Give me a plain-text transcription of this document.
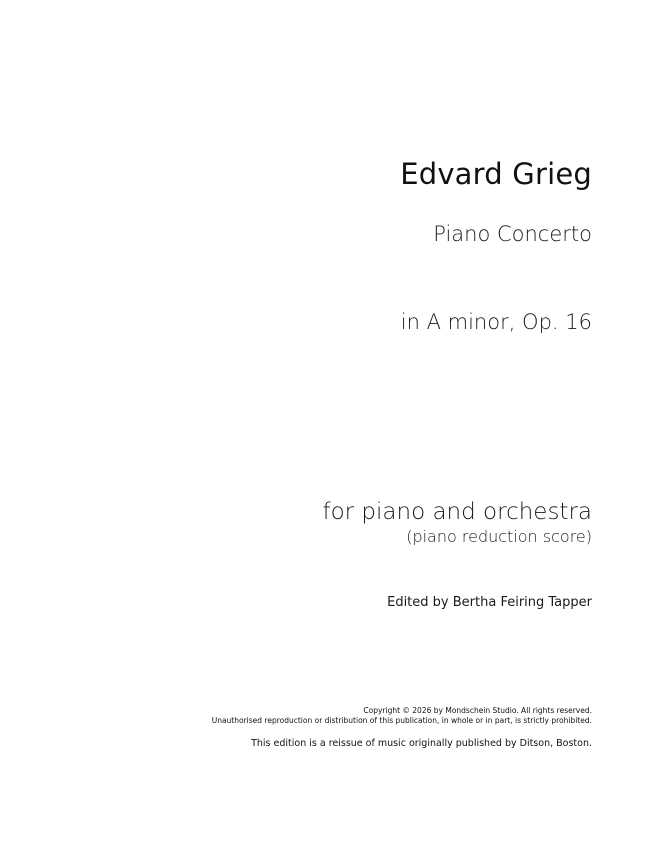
Edvard Grieg
Piano Concerto
in A minor, Op. 16
for piano and orchestra
(piano reduction score)
Edited by Bertha Feiring Tapper
Copyright © 2026 by Mondschein Studio. All rights reserved.
Unauthorised reproduction or distribution of this publication, in whole or in part, is strictly prohibited.
This edition is a reissue of music originally published by Ditson, Boston.
